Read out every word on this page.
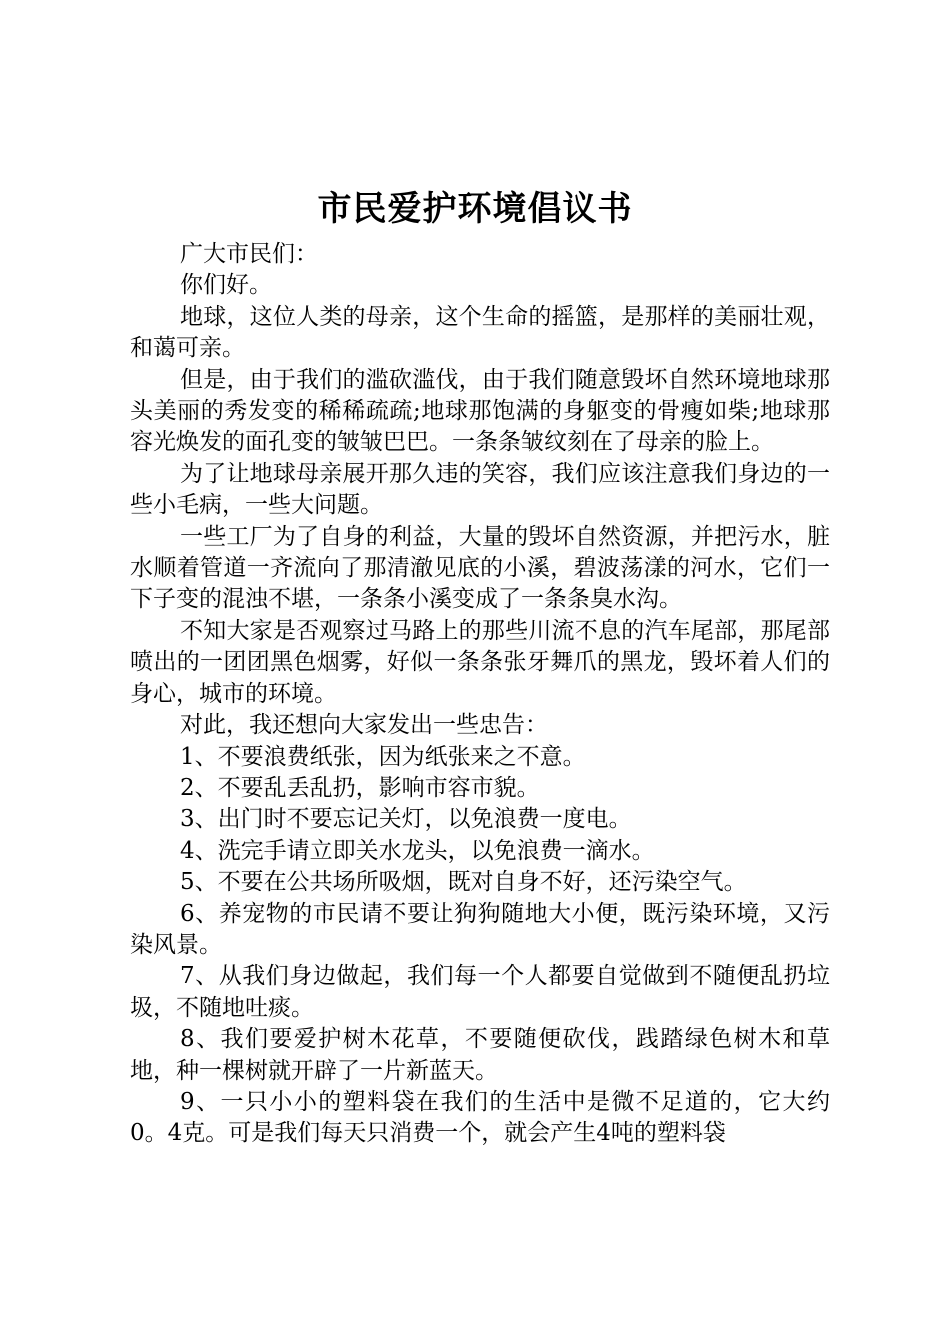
市民爱护环境倡议书

广大市民们：

你们好。

地球，这位人类的母亲，这个生命的摇篮，是那样的美丽壮观，和蔼可亲。

但是，由于我们的滥砍滥伐，由于我们随意毁坏自然环境地球那头美丽的秀发变的稀稀疏疏;地球那饱满的身躯变的骨瘦如柴;地球那容光焕发的面孔变的皱皱巴巴。一条条皱纹刻在了母亲的脸上。

为了让地球母亲展开那久违的笑容，我们应该注意我们身边的一些小毛病，一些大问题。

一些工厂为了自身的利益，大量的毁坏自然资源，并把污水，脏水顺着管道一齐流向了那清澈见底的小溪，碧波荡漾的河水，它们一下子变的混浊不堪，一条条小溪变成了一条条臭水沟。

不知大家是否观察过马路上的那些川流不息的汽车尾部，那尾部喷出的一团团黑色烟雾，好似一条条张牙舞爪的黑龙，毁坏着人们的身心，城市的环境。

对此，我还想向大家发出一些忠告：

1、不要浪费纸张，因为纸张来之不意。

2、不要乱丢乱扔，影响市容市貌。

3、出门时不要忘记关灯，以免浪费一度电。

4、洗完手请立即关水龙头，以免浪费一滴水。

5、不要在公共场所吸烟，既对自身不好，还污染空气。

6、养宠物的市民请不要让狗狗随地大小便，既污染环境，又污染风景。

7、从我们身边做起，我们每一个人都要自觉做到不随便乱扔垃圾，不随地吐痰。

8、我们要爱护树木花草，不要随便砍伐，践踏绿色树木和草地，种一棵树就开辟了一片新蓝天。

9、一只小小的塑料袋在我们的生活中是微不足道的，它大约0。4克。可是我们每天只消费一个，就会产生4吨的塑料袋
